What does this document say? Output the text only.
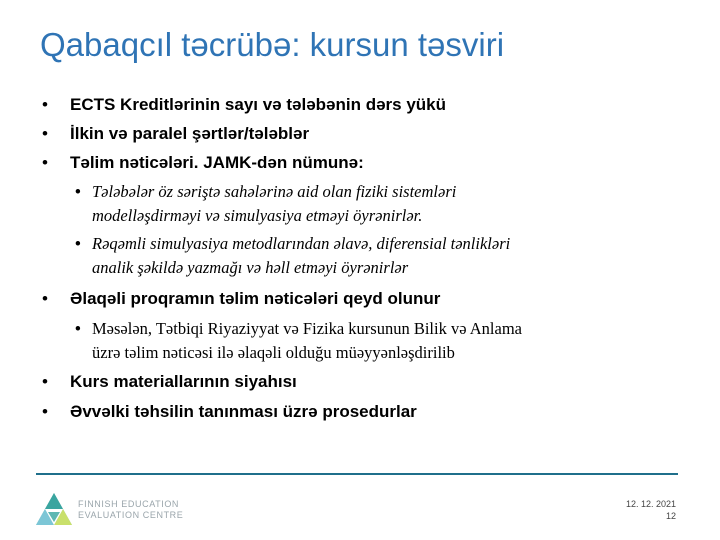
Qabaqcıl təcrübə: kursun təsviri
• ECTS Kreditlərinin sayı və tələbənin dərs yükü
• İlkin və paralel şərtlər/tələblər
• Təlim nəticələri. JAMK-dən nümunə:
• Tələbələr öz səriştə sahələrinə aid olan fiziki sistemləri
modelləşdirməyi və simulyasiya etməyi öyrənirlər.
• Rəqəmli simulyasiya metodlarından əlavə, diferensial tənlikləri
analik şəkildə yazmağı və həll etməyi öyrənirlər
• Əlaqəli proqramın təlim nəticələri qeyd olunur
• Məsələn, Tətbiqi Riyaziyyat və Fizika kursunun Bilik və Anlama
üzrə təlim nəticəsi ilə əlaqəli olduğu müəyyənləşdirilib
• Kurs materiallarının siyahısı
• Əvvəlki təhsilin tanınması üzrə prosedurlar
FINNISH EDUCATION
EVALUATION CENTRE
12. 12. 2021
12
